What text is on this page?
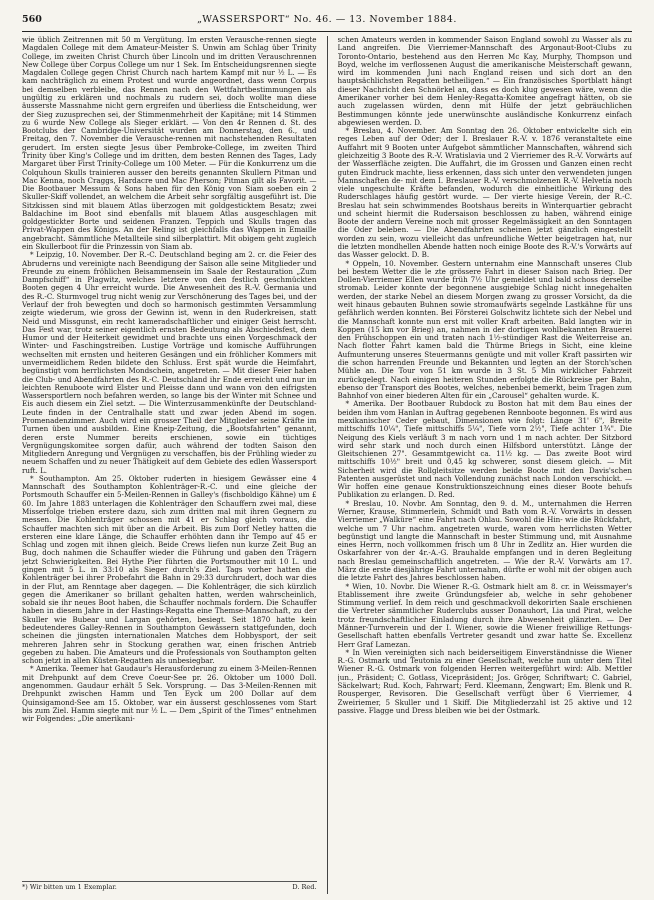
560	„WASSERSPORT“ No. 46. — 13. November 1884.

wie üblich Zeitrennen mit 50 m Vergütung. Im ersten Verausche-rennen siegte Magdalen College mit dem Amateur-Meister S. Unwin am Schlag über Trinity College, im zweiten Christ Church über Lincoln und im dritten Verauschrennen New College über Corpus College um nur 1 Sek. Im Entscheidungsrennen siegte Magdalen College gegen Christ Church nach hartem Kampf mit nur ½ L. — Es kam nachträglich zu einem Protest und wurde angeordnet, dass wenn Corpus bei demselben verbleibe, das Rennen nach den Wettfahrtbestimmungen als ungültig zu erklären und nochmals zu rudern sei, doch wollte man diese äusserste Massnahme nicht gern ergreifen und überliess die Entscheidung, wer der Sieg zuzusprechen sei, der Stimmenmehrheit der Kapitäne; mit 14 Stimmen zu 6 wurde New College als Sieger erklärt. — Von den 4r Rennen d. St. des Bootclubs der Cambridge-Universität wurden am Donnerstag, den 6., und Freitag, den 7. November die Verausche-rennen mit nachstehenden Resultaten gerudert. Im ersten siegte Jesus über Pembroke-College, im zweiten Third Trinity über King's College und im dritten, dem besten Rennen des Tages, Lady Margaret über First Trinity-College um 100 Meter. — Für die Konkurrenz um die Colquhoun Skulls trainieren ausser den bereits genannten Skullern Pitman und Mac Kenna, noch Craggs, Hardacre und Mac Pherson; Pitman gilt als Favorit. — Die Bootbauer Messum & Sons haben für den König von Siam soeben ein 2 Skuller-Skiff vollendet, an welchem die Arbeit sehr sorgfältig ausgeführt ist. Die Sitzkissen sind mit blauem Atlas überzogen mit goldgesticktem Besatz; zwei Baldachine im Boot sind ebenfalls mit blauem Atlas ausgeschlagen mit goldgestickter Borte und seidenen Franzen. Teppich und Skulls tragen das Privat-Wappen des Königs. An der Reling ist gleichfalls das Wappen in Emaille angebracht. Sämmtliche Metallteile sind silberplattirt. Mit obigem geht zugleich ein Skullerboot für die Prinzessin von Siam ab.

* Leipzig, 10. November. Der R.-C. Deutschland beging am 2. cr. die Feier des Abruderns und vereinigte nach Beendigung der Saison alle seine Mitglieder und Freunde zu einem fröhlichen Beisammensein im Saale der Restauration „Zum Dampfschiff“ in Plagwitz, welches letztere von den festlich geschmückten Booten gegen 4 Uhr erreicht wurde. Die Anwesenheit des R.-V. Germania und des R.-C. Sturmvogel trug nicht wenig zur Verschönerung des Tages bei, und der Verlauf der froh bewegten und doch so harmonisch gestimmten Versammlung zeigte wiederum, wie gross der Gewinn ist, wenn in den Ruderkreisen, statt Neid und Missgunst, ein recht kameradschaftlicher und einiger Geist herrscht. Das Fest war, trotz seiner eigentlich ernsten Bedeutung als Abschiedsfest, dem Humor und der Heiterkeit gewidmet und brachte uns einen Vorgeschmack der Winter- und Faschingstreiben. Lustige Vorträge und komische Aufführungen wechselten mit ernsten und heiteren Gesängen und ein fröhlicher Kommers mit unvermeidlichem Reden bildete den Schluss. Erst spät wurde die Heimfahrt, begünstigt vom herrlichsten Mondschein, angetreten. — Mit dieser Feier haben die Club- und Abendfahrten des R.-C. Deutschland ihr Ende erreicht und nur im leichten Renuboote wird Elster und Pleisse dann und wann von den eifrigsten Wassersportlern noch befahren werden, so lange bis der Winter mit Schnee und Eis auch diesem ein Ziel setzt. — Die Winterzusammenkünfte der Deutschland-Leute finden in der Centralhalle statt und zwar jeden Abend im sogen. Promenadenzimmer. Auch wird ein grosser Theil der Mitglieder seine Kräfte im Turnen üben und ausbilden. Eine Kneip-Zeitung, die „Bootsfahrten“ genannt, deren erste Nummer bereits erschienen, sowie ein tüchtiges Vergnügungskomitee sorgen dafür, auch während der todten Saison den Mitgliedern Anregung und Vergnügen zu verschaffen, bis der Frühling wieder zu neuem Schaffen und zu neuer Thätigkeit auf dem Gebiete des edlen Wassersport ruft. L.

* Southampton. Am 25. Oktober ruderten in hiesigem Gewässer eine 4 Mannschaft des Southampton Kohlenträger-R.-C. und eine gleiche der Portsmouth Schauffer ein 5-Meilen-Rennen in Galley's (fischboldigo Kähne) um £ 60. Im Jahre 1883 unterlagen die Kohlenträger den Schauffern zwei mal, diese Misserfolge trieben erstere dazu, sich zum dritten mal mit ihren Gegnern zu messen. Die Kohlenträger schossen mit 41 er Schlag gleich voraus, die Schauffer machten sich mit über an die Arbeit. Bis zum Dorf Netley hatten die ersteren eine klare Länge, die Schauffer erhöhten dann ihr Tempo auf 45 er Schlag und zogen mit ihnen gleich. Beide Crews liefen nun kurze Zeit Bug an Bug, doch nahmen die Schauffer wieder die Führung und gaben den Trägern jetzt Schwierigkeiten. Bei Hythe Pier führten die Portsmouther mit 10 L. und gingen mit 5 L. in 33:10 als Sieger durch's Ziel. Tags vorher hatten die Kohlenträger bei ihrer Probefahrt die Bahn in 29:33 durchrudert, doch war dies in der Flut, am Renntage aber dagegen. — Die Kohlenträger, die sich kürzlich gegen die Amerikaner so brillant gehalten hatten, werden wahrscheinlich, sobald sie ihr neues Boot haben, die Schauffer nochmals fordern. Die Schauffer haben in diesem Jahre in der Hastings-Regatta eine Themse-Mannschaft, zu der Skuller wie Bubear und Largan gehörten, besiegt. Seit 1870 hatte kein bedeutenderes Galley-Rennen in Southampton Gewässern stattgefunden, doch scheinen die jüngsten internationalen Matches dem Hobbysport, der seit mehreren Jahren sehr in Stockung gerathen war, einen frischen Antrieb gegeben zu haben. Die Amateurs und die Professionals von Southampton gelten schon jetzt in allen Küsten-Regatten als unbesiegbar.

* Amerika. Teemer hat Gaudaur's Herausforderung zu einem 3-Meilen-Rennen mit Drehpunkt auf dem Creve Coeur-See pr. 26. Oktober um 1000 Doll. angenommen. Gaudaur erhält 5 Sek. Vorsprung. — Das 3-Meilen-Rennen mit Drehpunkt zwischen Hamm und Ten Eyck um 200 Dollar auf dem Quinsigamond-See am 15. Oktober, war ein äusserst geschlossenes vom Start bis zum Ziel. Hamm siegte mit nur ½ L. — Dem „Spirit of the Times“ entnehmen wir Folgendes: „Die amerikani-

*) Wir bitten um 1 Exemplar.	D. Red.

schen Amateurs werden in kommender Saison England sowohl zu Wasser als zu Land angreifen. Die Vierriemer-Mannschaft des Argonaut-Boot-Clubs zu Toronto-Ontario, bestehend aus den Herren Mc Kay, Murphy, Thompson und Boyd, welche im verflossenen August die amerikanische Meisterschaft gewann, wird im kommenden Juni nach England reisen und sich dort an den hauptsächlichsten Regatten betheiligen.“ — Ein französisches Sportblatt hängt dieser Nachricht den Schnörkel an, dass es doch klug gewesen wäre, wenn die Amerikaner vorher bei dem Henley-Regatta-Komitee angefragt hätten, ob sie auch zugelassen würden, denn mit Hülfe der jetzt gebräuchlichen Bestimmungen könnte jede unerwünschte ausländische Konkurrenz einfach abgewiesen werden. D.

* Breslau, 4. November. Am Sonntag den 26. Oktober entwickelte sich ein reges Leben auf der Oder; der I. Breslauer R.-V. v. 1876 veranstaltete eine Auffahrt mit 9 Booten unter Aufgebot sämmtlicher Mannschaften, während sich gleichzeitig 3 Boote des R.-V. Wratislavia und 2 Vierriemer des R.-V. Vorwärts auf der Wasserfläche zeigten. Die Auffahrt, die im Grossen und Ganzen einen recht guten Eindruck machte, liess erkennen, dass sich unter den verwendeten jungen Mannschaften de- mit dem I. Breslauer R.-V. verschmolzenen R.-V. Helvetia noch viele ungeschulte Kräfte befanden, wodurch die einheitliche Wirkung des Ruderschlages häufig gestört wurde. — Der vierte hiesige Verein, der R.-C. Breslau hat sein schwimmendes Bootshaus bereits in Winterquartier gebracht und scheint hiermit die Rudersaison beschlossen zu haben, während einige Boote der andern Vereine noch mit grosser Regelmässigkeit an den Sonntagen die Oder beleben. — Die Abendfahrten scheinen jetzt gänzlich eingestellt worden zu sein, wozu vielleicht das unfreundliche Wetter beigetragen hat, nur die letzten mondhellen Abende hatten noch einige Boote des R.-V.'s Vorwärts auf das Wasser gelockt. D. B.

* Oppeln, 10. November. Gestern unternahm eine Mannschaft unseres Club bei bestem Wetter die le zte grössere Fahrt in dieser Saison nach Brieg. Der Dollen-Vierriemer Ellen wurde früh 7½ Uhr gemeldet und bald schoss derselbe stromab. Leider konnte der begonnene ausgiebige Schlag nicht innegehalten werden, der starke Nebel an diesem Morgen zwang zu grosser Vorsicht, da die weit hinaus gebauten Buhnen sowie stromaufwärts segelnde Lastkähne für uns gefährlich werden konnten. Bei Försterei Golschwitz lichtete sich der Nebel und die Mannschaft konnte nun erst mit voller Kraft arbeiten. Bald langten wir in Koppen (15 km vor Brieg) an, nahmen in der dortigen wohlbekannten Brauerei den Frühschoppen ein und traten nach 1½-stündiger Rast die Weiterreise an. Nach flotter Fahrt kamen bald die Thürme Briegs in Sicht, eine kleine Aufmunterung unseres Steuermanns genügte und mit voller Kraft passirten wir die schon harrenden Freunde und Bekannten und legten an der Storch'schen Mühle an. Die Tour von 51 km wurde in 3 St. 5 Min wirklicher Fahrzeit zurückgelegt. Nach einigen heiteren Stunden erfolgte die Rückreise per Bahn, ebenso der Transport des Bootes, welches, nebenbei bemerkt, beim Tragen zum Bahnhof von einer biederen Alten für ein „Carousel“ gehalten wurde. K.

* Amerika. Der Bootbauer Rubdock zu Boston hat mit dem Bau eines der beiden ihm vom Hanlan in Auftrag gegebenen Rennboote begonnen. Es wird aus mexikanischer Ceder gebaut, Dimensionen wie folgt: Länge 31' 6", Breite mittschiffs 10¼", Tiefe mittschiffs 5¼", Tiefe vorn 2½", Tiefe achter 1¾". Die Neigung des Kiels verläuft 3 m nach vorn und 1 m nach achter. Der Sitzbord wird sehr stark und noch durch einen Hilfsbord unterstützt. Länge der Gleitschienen 27". Gesammtgewicht ca. 11½ kg. — Das zweite Boot wird mittschiffs 10½" breit und 0,45 kg schwerer, sonst diesem gleich. — Mit Sicherheit wird die Rollgleitsitze werden beide Boote mit den Davis'schen Patenten ausgerüstet und nach Vollendung zunächst nach London verschickt. — Wir hoffen eine genaue Konstruktionszeichnung eines dieser Boote behufs Publikation zu erlangen. D. Red.

* Breslau, 10. Novbr. Am Sonntag, den 9. d. M., unternahmen die Herren Werner, Krause, Stimmerlein, Schmidt und Bath vom R.-V. Vorwärts in dessen Vierriemer „Walküre“ eine Fahrt nach Ohlau. Sowohl die Hin- wie die Rückfahrt, welche um 7 Uhr nachm. angetreten wurde, waren vom herrlichsten Wetter begünstigt und langte die Mannschaft in bester Stimmung und, mit Ausnahme eines Herrn, noch vollkommen frisch um 8 Uhr in Zedlitz an. Hier wurden die Oskarfahrer von der 4r.-A.-G. Brauhalde empfangen und in deren Begleitung nach Breslau gemeinschaftlich angetreten. — Wie der R.-V. Vorwärts am 17. März die erste diesjährige Fahrt unternahm, dürfte er wohl mit der obigen auch die letzte Fahrt des Jahres beschlossen haben.

* Wien, 10. Novbr. Die Wiener R.-G. Ostmark hielt am 8. cr. in Weissmayer's Etablissement ihre zweite Gründungsfeier ab, welche in sehr gehobener Stimmung verlief. In dem reich und geschmackvoll dekorirten Saale erschienen die Vertreter sämmtlicher Ruderclubs ausser Donauhort, Lia und Pirat, welche trotz freundschaftlicher Einladung durch ihre Abwesenheit glänzten. — Der Männer-Turnverein und der I. Wiener, sowie die Wiener freiwillige Rettungs-Gesellschaft hatten ebenfalls Vertreter gesandt und zwar hatte Se. Excellenz Herr Graf Lamezan.

* In Wien vereinigten sich nach beiderseitigem Einverständnisse die Wiener R.-G. Ostmark und Teutonia zu einer Gesellschaft, welche nun unter dem Titel Wiener R.-G. Ostmark von folgenden Herren weitergeführt wird: Alb. Mettler jun., Präsident; C. Gotlass, Vicepräsident; Jos. Gröger, Schriftwart; C. Gabriel, Säckelwart; Rud. Koch, Fahrwart; Ferd. Kleemann, Zengwart; Em. Blenk und R. Rousperger, Revisoren. Die Gesellschaft verfügt über 6 Vierriemer, 4 Zweiriemer, 5 Skuller und 1 Skiff. Die Mitgliederzahl ist 25 aktive und 12 passive. Flagge und Dress bleiben wie bei der Ostmark.
